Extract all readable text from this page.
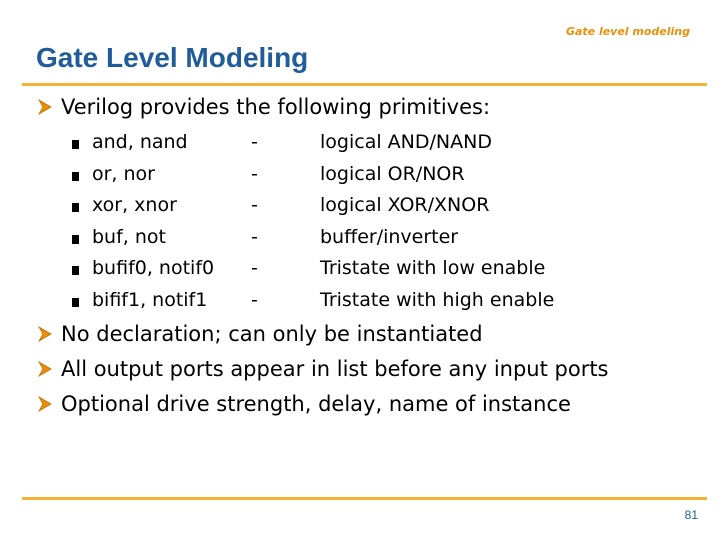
Gate level modeling
Gate Level Modeling
Verilog provides the following primitives:
and, nand	-	logical AND/NAND
or, nor	-	logical OR/NOR
xor, xnor	-	logical XOR/XNOR
buf, not	-	buffer/inverter
bufif0, notif0 -	Tristate with low enable
bifif1, notif1 -	Tristate with high enable
No declaration; can only be instantiated
All output ports appear in list before any input ports
Optional drive strength, delay, name of instance
81
